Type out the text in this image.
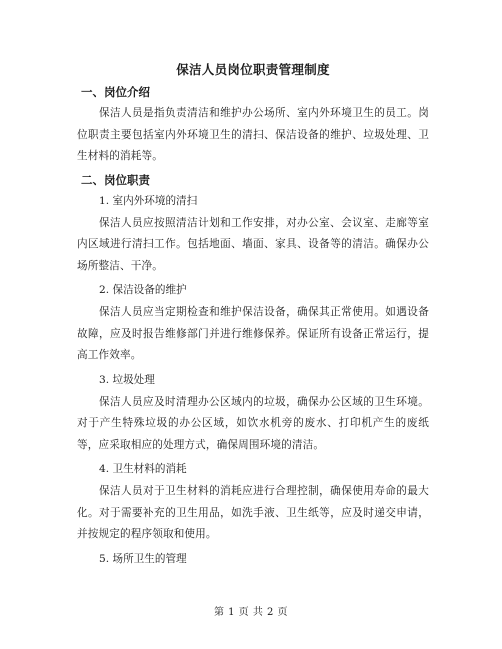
保洁人员岗位职责管理制度
一、岗位介绍

保洁人员是指负责清洁和维护办公场所、室内外环境卫生的员工。岗位职责主要包括室内外环境卫生的清扫、保洁设备的维护、垃圾处理、卫生材料的消耗等。

二、岗位职责
1. 室内外环境的清扫

保洁人员应按照清洁计划和工作安排，对办公室、会议室、走廊等室内区域进行清扫工作。包括地面、墙面、家具、设备等的清洁。确保办公场所整洁、干净。

2. 保洁设备的维护

保洁人员应当定期检查和维护保洁设备，确保其正常使用。如遇设备故障，应及时报告维修部门并进行维修保养。保证所有设备正常运行，提高工作效率。

3. 垃圾处理

保洁人员应及时清理办公区域内的垃圾，确保办公区域的卫生环境。对于产生特殊垃圾的办公区域，如饮水机旁的废水、打印机产生的废纸等，应采取相应的处理方式，确保周围环境的清洁。

4. 卫生材料的消耗

保洁人员对于卫生材料的消耗应进行合理控制，确保使用寿命的最大化。对于需要补充的卫生用品，如洗手液、卫生纸等，应及时递交申请，并按规定的程序领取和使用。

5. 场所卫生的管理
第 1 页 共 2 页
